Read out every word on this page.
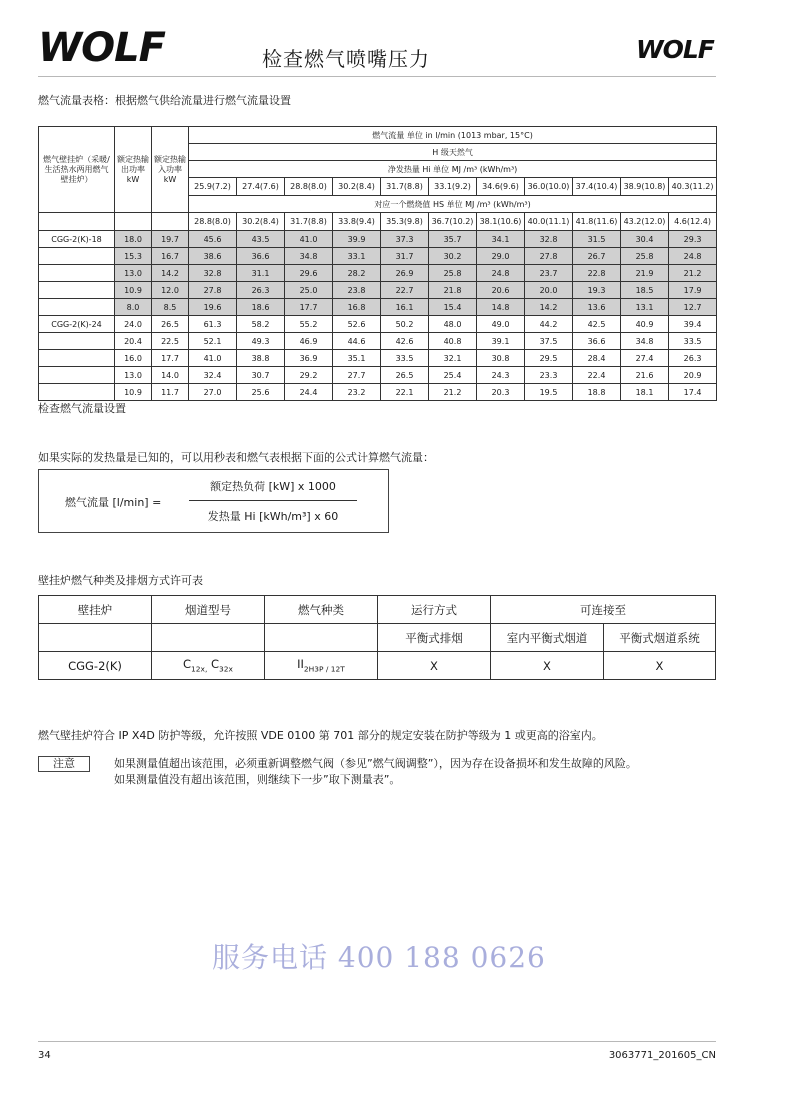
WOLF	检查燃气喷嘴压力	WOLF
燃气流量表格：根据燃气供给流量进行燃气流量设置
燃气壁挂炉（采暖/生活热水两用燃气壁挂炉）	额定热输出功率 kW	额定热输入功率 kW	燃气流量 单位 in l/min (1013 mbar, 15°C)										
			H 级天然气										
			净发热量 Hi 单位 MJ /m³ (kWh/m³)										
			25.9(7.2)	27.4(7.6)	28.8(8.0)	30.2(8.4)	31.7(8.8)	33.1(9.2)	34.6(9.6)	36.0(10.0)	37.4(10.4)	38.9(10.8)	40.3(11.2)
			对应一个燃烧值 HS 单位 MJ /m³ (kWh/m³)										
			28.8(8.0)	30.2(8.4)	31.7(8.8)	33.8(9.4)	35.3(9.8)	36.7(10.2)	38.1(10.6)	40.0(11.1)	41.8(11.6)	43.2(12.0)	4.6(12.4)
CGG-2(K)-18	18.0	19.7	45.6	43.5	41.0	39.9	37.3	35.7	34.1	32.8	31.5	30.4	29.3
	15.3	16.7	38.6	36.6	34.8	33.1	31.7	30.2	29.0	27.8	26.7	25.8	24.8
	13.0	14.2	32.8	31.1	29.6	28.2	26.9	25.8	24.8	23.7	22.8	21.9	21.2
	10.9	12.0	27.8	26.3	25.0	23.8	22.7	21.8	20.6	20.0	19.3	18.5	17.9
	8.0	8.5	19.6	18.6	17.7	16.8	16.1	15.4	14.8	14.2	13.6	13.1	12.7
CGG-2(K)-24	24.0	26.5	61.3	58.2	55.2	52.6	50.2	48.0	49.0	44.2	42.5	40.9	39.4
	20.4	22.5	52.1	49.3	46.9	44.6	42.6	40.8	39.1	37.5	36.6	34.8	33.5
	16.0	17.7	41.0	38.8	36.9	35.1	33.5	32.1	30.8	29.5	28.4	27.4	26.3
	13.0	14.0	32.4	30.7	29.2	27.7	26.5	25.4	24.3	23.3	22.4	21.6	20.9
	10.9	11.7	27.0	25.6	24.4	23.2	22.1	21.2	20.3	19.5	18.8	18.1	17.4
检查燃气流量设置
如果实际的发热量是已知的，可以用秒表和燃气表根据下面的公式计算燃气流量：
燃气流量 [l/min] =
额定热负荷 [kW] x 1000
发热量 Hi [kWh/m³] x 60
壁挂炉燃气种类及排烟方式许可表
壁挂炉	烟道型号	燃气种类	运行方式	可连接至	
			平衡式排烟	室内平衡式烟道	平衡式烟道系统
CGG-2(K)	$C_{12x,}$ $C_{32x}$	$II_{2H3P / 12T}$	X	X	X
燃气壁挂炉符合 IP X4D 防护等级，允许按照 VDE 0100 第 701 部分的规定安装在防护等级为 1 或更高的浴室内。
注意	如果测量值超出该范围，必须重新调整燃气阀（参见”燃气阀调整”），因为存在设备损坏和发生故障的风险。
如果测量值没有超出该范围，则继续下一步”取下测量表”。
服务电话 400 188 0626
34	3063771_201605_CN
